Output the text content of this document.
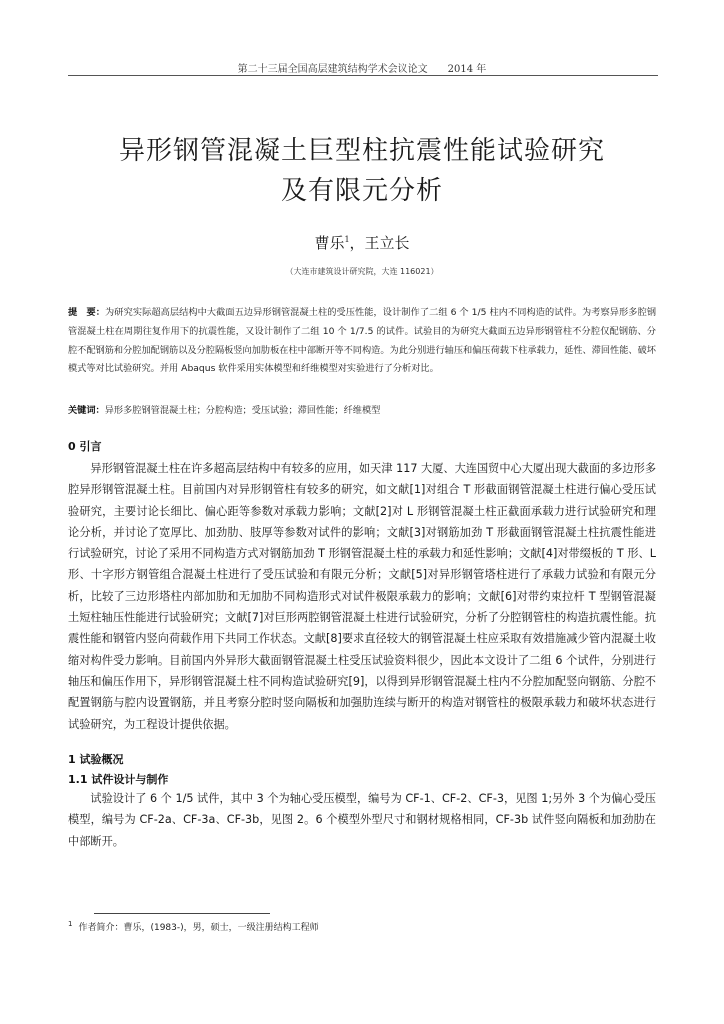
第二十三届全国高层建筑结构学术会议论文　　2014 年
异形钢管混凝土巨型柱抗震性能试验研究
及有限元分析
曹乐$^1$，王立长
（大连市建筑设计研究院，大连 116021）
提　要：为研究实际超高层结构中大截面五边异形钢管混凝土柱的受压性能，设计制作了二组 6 个 1/5 柱内不同构造的试件。为考察异形多腔钢管混凝土柱在周期往复作用下的抗震性能，又设计制作了二组 10 个 1/7.5 的试件。试验目的为研究大截面五边异形钢管柱不分腔仅配钢筋、分腔不配钢筋和分腔加配钢筋以及分腔隔板竖向加肋板在柱中部断开等不同构造。为此分别进行轴压和偏压荷载下柱承载力，延性、滞回性能、破坏模式等对比试验研究。并用 Abaqus 软件采用实体模型和纤维模型对实验进行了分析对比。
关键词：异形多腔钢管混凝土柱；分腔构造；受压试验；滞回性能；纤维模型
0 引言
异形钢管混凝土柱在许多超高层结构中有较多的应用，如天津 117 大厦、大连国贸中心大厦出现大截面的多边形多腔异形钢管混凝土柱。目前国内对异形钢管柱有较多的研究，如文献[1]对组合 T 形截面钢管混凝土柱进行偏心受压试验研究，主要讨论长细比、偏心距等参数对承载力影响；文献[2]对 L 形钢管混凝土柱正截面承载力进行试验研究和理论分析，并讨论了宽厚比、加劲肋、肢厚等参数对试件的影响；文献[3]对钢筋加劲 T 形截面钢管混凝土柱抗震性能进行试验研究，讨论了采用不同构造方式对钢筋加劲 T 形钢管混凝土柱的承载力和延性影响；文献[4]对带缀板的 T 形、L 形、十字形方钢管组合混凝土柱进行了受压试验和有限元分析；文献[5]对异形钢管塔柱进行了承载力试验和有限元分析，比较了三边形塔柱内部加肋和无加肋不同构造形式对试件极限承载力的影响；文献[6]对带约束拉杆 T 型钢管混凝土短柱轴压性能进行试验研究；文献[7]对巨形两腔钢管混凝土柱进行试验研究，分析了分腔钢管柱的构造抗震性能。抗震性能和钢管内竖向荷载作用下共同工作状态。文献[8]要求直径较大的钢管混凝土柱应采取有效措施减少管内混凝土收缩对构件受力影响。目前国内外异形大截面钢管混凝土柱受压试验资料很少，因此本文设计了二组 6 个试件，分别进行轴压和偏压作用下，异形钢管混凝土柱不同构造试验研究[9]，以得到异形钢管混凝土柱内不分腔加配竖向钢筋、分腔不配置钢筋与腔内设置钢筋，并且考察分腔时竖向隔板和加强肋连续与断开的构造对钢管柱的极限承载力和破坏状态进行试验研究，为工程设计提供依据。
1 试验概况
1.1 试件设计与制作
试验设计了 6 个 1/5 试件，其中 3 个为轴心受压模型，编号为 CF-1、CF-2、CF-3，见图 1;另外 3 个为偏心受压模型，编号为 CF-2a、CF-3a、CF-3b，见图 2。6 个模型外型尺寸和钢材规格相同，CF-3b 试件竖向隔板和加劲肋在中部断开。
$^1$ 作者简介：曹乐，(1983-)，男，硕士，一级注册结构工程师
